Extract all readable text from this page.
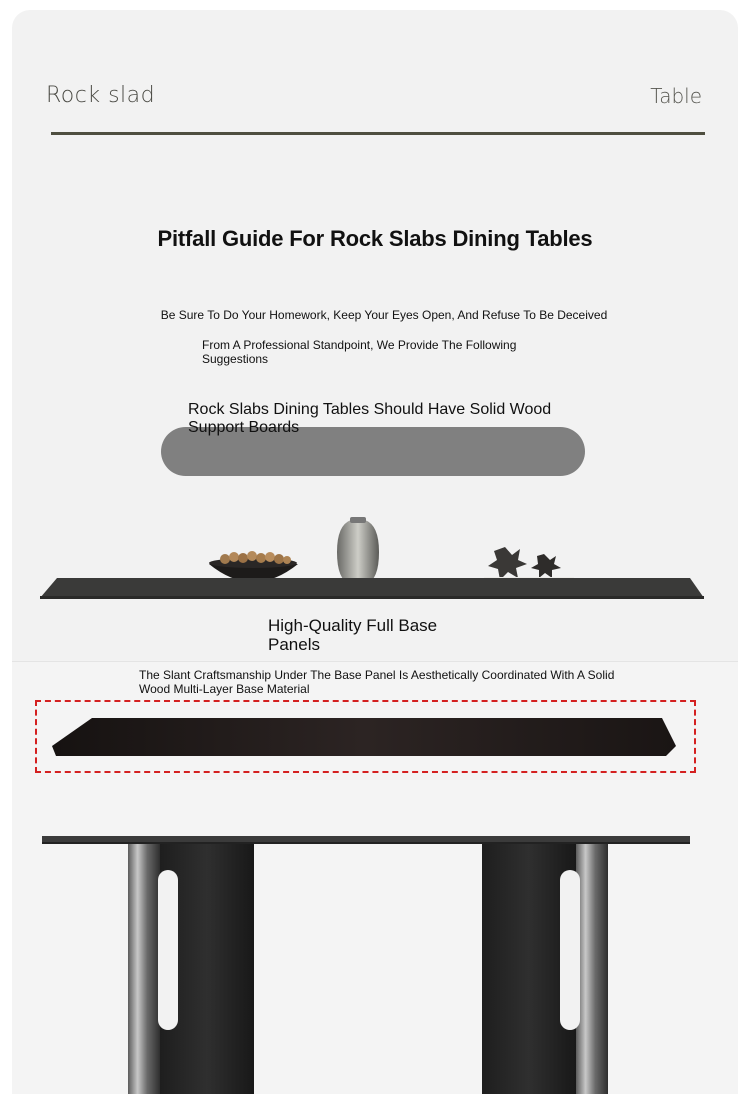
Rock slad	Table
Pitfall Guide For Rock Slabs Dining Tables
Be Sure To Do Your Homework, Keep Your Eyes Open, And Refuse To Be Deceived
From A Professional Standpoint, We Provide The Following Suggestions
Rock Slabs Dining Tables Should Have Solid Wood Support Boards
High-Quality Full Base Panels
The Slant Craftsmanship Under The Base Panel Is Aesthetically Coordinated With A Solid Wood Multi-Layer Base Material
